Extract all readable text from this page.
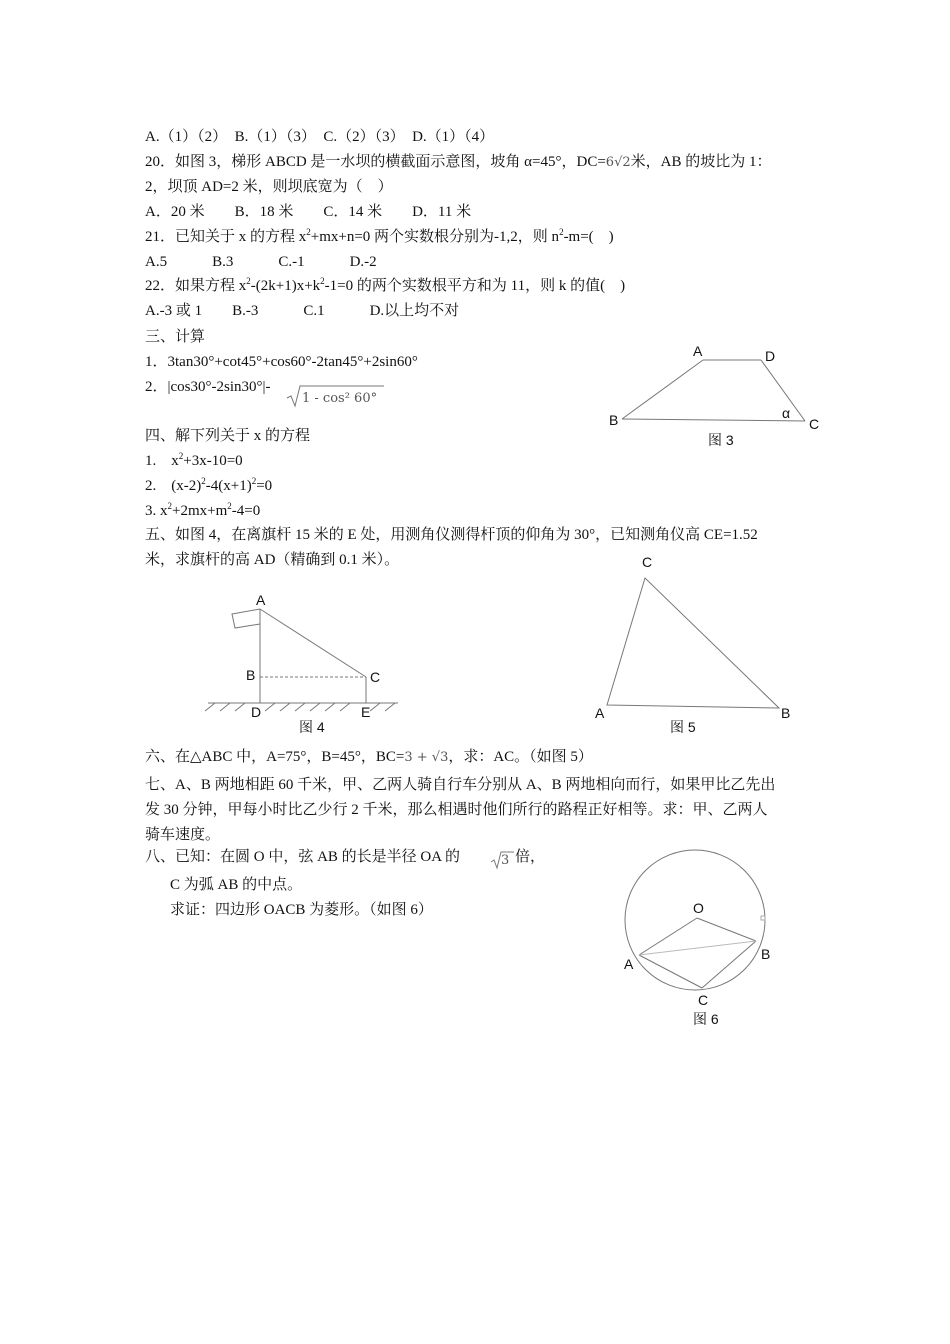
A.（1）（2）　B.（1）（3）　C.（2）（3）　D.（1）（4）
20．如图 3，梯形 ABCD 是一水坝的横截面示意图，坡角 α=45°，DC=6√2米，AB 的坡比为 1：
2，坝顶 AD=2 米，则坝底宽为（　）
A．20 米　　B．18 米　　C．14 米　　D．11 米
21．已知关于 x 的方程 $x^2+mx+n=0$ 两个实数根分别为-1,2，则 $n^2-m=$(　)
A.5　　　B.3　　　C.-1　　　D.-2
22．如果方程 $x^2-(2k+1)x+k^2-1=0$ 的两个实数根平方和为 11，则 k 的值(　)
A.-3 或 1　　B.-3　　　C.1　　　D.以上均不对
三、计算
1．3tan30°+cot45°+cos60°-2tan45°+2sin60°
2．|cos30°-2sin30°|-
1 - cos² 60°
四、解下列关于 x 的方程
1.　$x^2+3x-10=0$
2.　$(x-2)^2-4(x+1)^2=0$
3. $x^2+2mx+m^2-4=0$
五、如图 4，在离旗杆 15 米的 E 处，用测角仪测得杆顶的仰角为 30°，已知测角仪高 CE=1.52
米，求旗杆的高 AD（精确到 0.1 米）。
六、在△ABC 中，A=75°，B=45°，BC=3 + √3，求：AC。（如图 5）
七、A、B 两地相距 60 千米，甲、乙两人骑自行车分别从 A、B 两地相向而行，如果甲比乙先出
发 30 分钟，甲每小时比乙少行 2 千米，那么相遇时他们所行的路程正好相等。求：甲、乙两人
骑车速度。
八、已知：在圆 O 中，弦 AB 的长是半径 OA 的	3 倍，
C 为弧 AB 的中点。
求证：四边形 OACB 为菱形。（如图 6）
A	D
B	C
α
图 3
A
B	C
D	E
图 4
C
A	B
图 5
O
A
B
C
图 6
